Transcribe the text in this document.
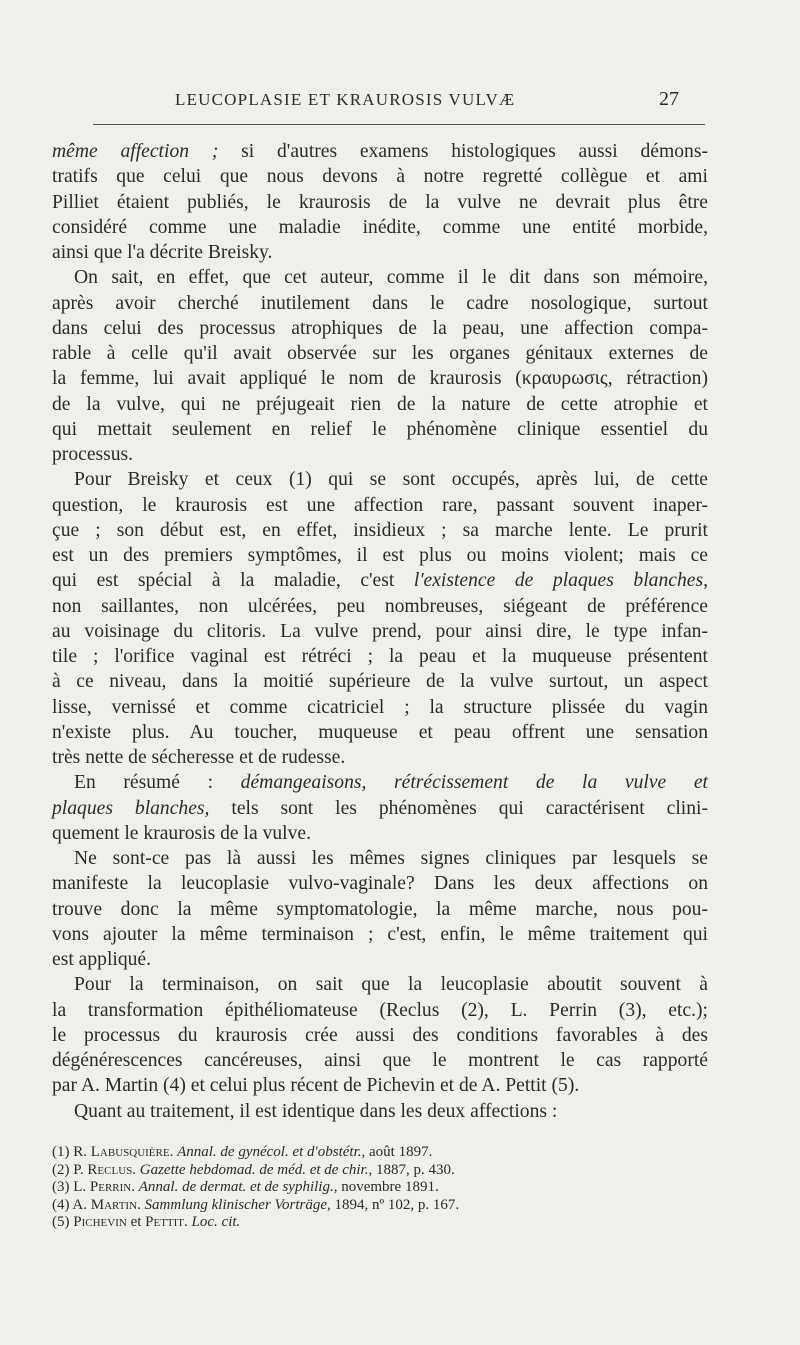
LEUCOPLASIE ET KRAUROSIS VULVÆ	27
même affection ; si d'autres examens histologiques aussi démons-
tratifs que celui que nous devons à notre regretté collègue et ami
Pilliet étaient publiés, le kraurosis de la vulve ne devrait plus être
considéré comme une maladie inédite, comme une entité morbide,
ainsi que l'a décrite Breisky.
On sait, en effet, que cet auteur, comme il le dit dans son mémoire,
après avoir cherché inutilement dans le cadre nosologique, surtout
dans celui des processus atrophiques de la peau, une affection compa-
rable à celle qu'il avait observée sur les organes génitaux externes de
la femme, lui avait appliqué le nom de kraurosis (κραυρωσις, rétraction)
de la vulve, qui ne préjugeait rien de la nature de cette atrophie et
qui mettait seulement en relief le phénomène clinique essentiel du
processus.
Pour Breisky et ceux (1) qui se sont occupés, après lui, de cette
question, le kraurosis est une affection rare, passant souvent inaper-
çue ; son début est, en effet, insidieux ; sa marche lente. Le prurit
est un des premiers symptômes, il est plus ou moins violent; mais ce
qui est spécial à la maladie, c'est l'existence de plaques blanches,
non saillantes, non ulcérées, peu nombreuses, siégeant de préférence
au voisinage du clitoris. La vulve prend, pour ainsi dire, le type infan-
tile ; l'orifice vaginal est rétréci ; la peau et la muqueuse présentent
à ce niveau, dans la moitié supérieure de la vulve surtout, un aspect
lisse, vernissé et comme cicatriciel ; la structure plissée du vagin
n'existe plus. Au toucher, muqueuse et peau offrent une sensation
très nette de sécheresse et de rudesse.
En résumé : démangeaisons, rétrécissement de la vulve et
plaques blanches, tels sont les phénomènes qui caractérisent clini-
quement le kraurosis de la vulve.
Ne sont-ce pas là aussi les mêmes signes cliniques par lesquels se
manifeste la leucoplasie vulvo-vaginale? Dans les deux affections on
trouve donc la même symptomatologie, la même marche, nous pou-
vons ajouter la même terminaison ; c'est, enfin, le même traitement qui
est appliqué.
Pour la terminaison, on sait que la leucoplasie aboutit souvent à
la transformation épithéliomateuse (Reclus (2), L. Perrin (3), etc.);
le processus du kraurosis crée aussi des conditions favorables à des
dégénérescences cancéreuses, ainsi que le montrent le cas rapporté
par A. Martin (4) et celui plus récent de Pichevin et de A. Pettit (5).
Quant au traitement, il est identique dans les deux affections :
(1) R. Labusquière. Annal. de gynécol. et d'obstétr., août 1897.
(2) P. Reclus. Gazette hebdomad. de méd. et de chir., 1887, p. 430.
(3) L. Perrin. Annal. de dermat. et de syphilig., novembre 1891.
(4) A. Martin. Sammlung klinischer Vorträge, 1894, nº 102, p. 167.
(5) Pichevin et Pettit. Loc. cit.
